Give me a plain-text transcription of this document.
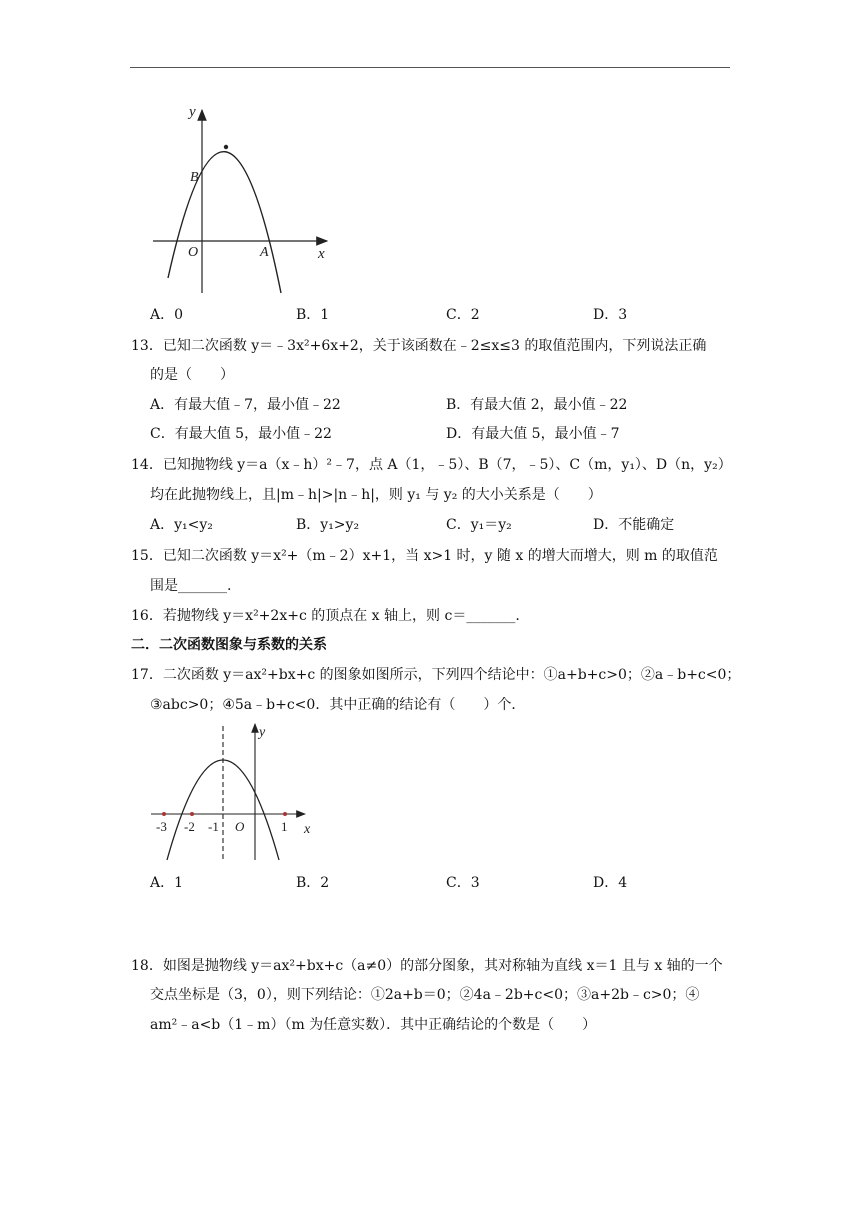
y
x
O
B
A
A．0	B．1	C．2	D．3
13．已知二次函数 y＝﹣3x²+6x+2，关于该函数在﹣2≤x≤3 的取值范围内，下列说法正确
的是（　　）
A．有最大值﹣7，最小值﹣22	B．有最大值 2，最小值﹣22
C．有最大值 5，最小值﹣22	D．有最大值 5，最小值﹣7
14．已知抛物线 y＝a（x﹣h）²﹣7，点 A（1，﹣5）、B（7，﹣5）、C（m，y₁）、D（n，y₂）
均在此抛物线上，且|m﹣h|>|n﹣h|，则 y₁ 与 y₂ 的大小关系是（　　）
A．y₁<y₂	B．y₁>y₂	C．y₁＝y₂	D．不能确定
15．已知二次函数 y＝x²+（m﹣2）x+1，当 x>1 时，y 随 x 的增大而增大，则 m 的取值范
围是_______.
16．若抛物线 y＝x²+2x+c 的顶点在 x 轴上，则 c＝_______.
二．二次函数图象与系数的关系
17．二次函数 y＝ax²+bx+c 的图象如图所示，下列四个结论中：①a+b+c>0；②a﹣b+c<0；
③abc>0；④5a﹣b+c<0．其中正确的结论有（　　）个．
y
x
O
-3 -2 -1	1
A．1	B．2	C．3	D．4
18．如图是抛物线 y＝ax²+bx+c（a≠0）的部分图象，其对称轴为直线 x＝1 且与 x 轴的一个
交点坐标是（3，0），则下列结论：①2a+b＝0；②4a﹣2b+c<0；③a+2b﹣c>0；④
am²﹣a<b（1﹣m）（m 为任意实数）．其中正确结论的个数是（　　）
